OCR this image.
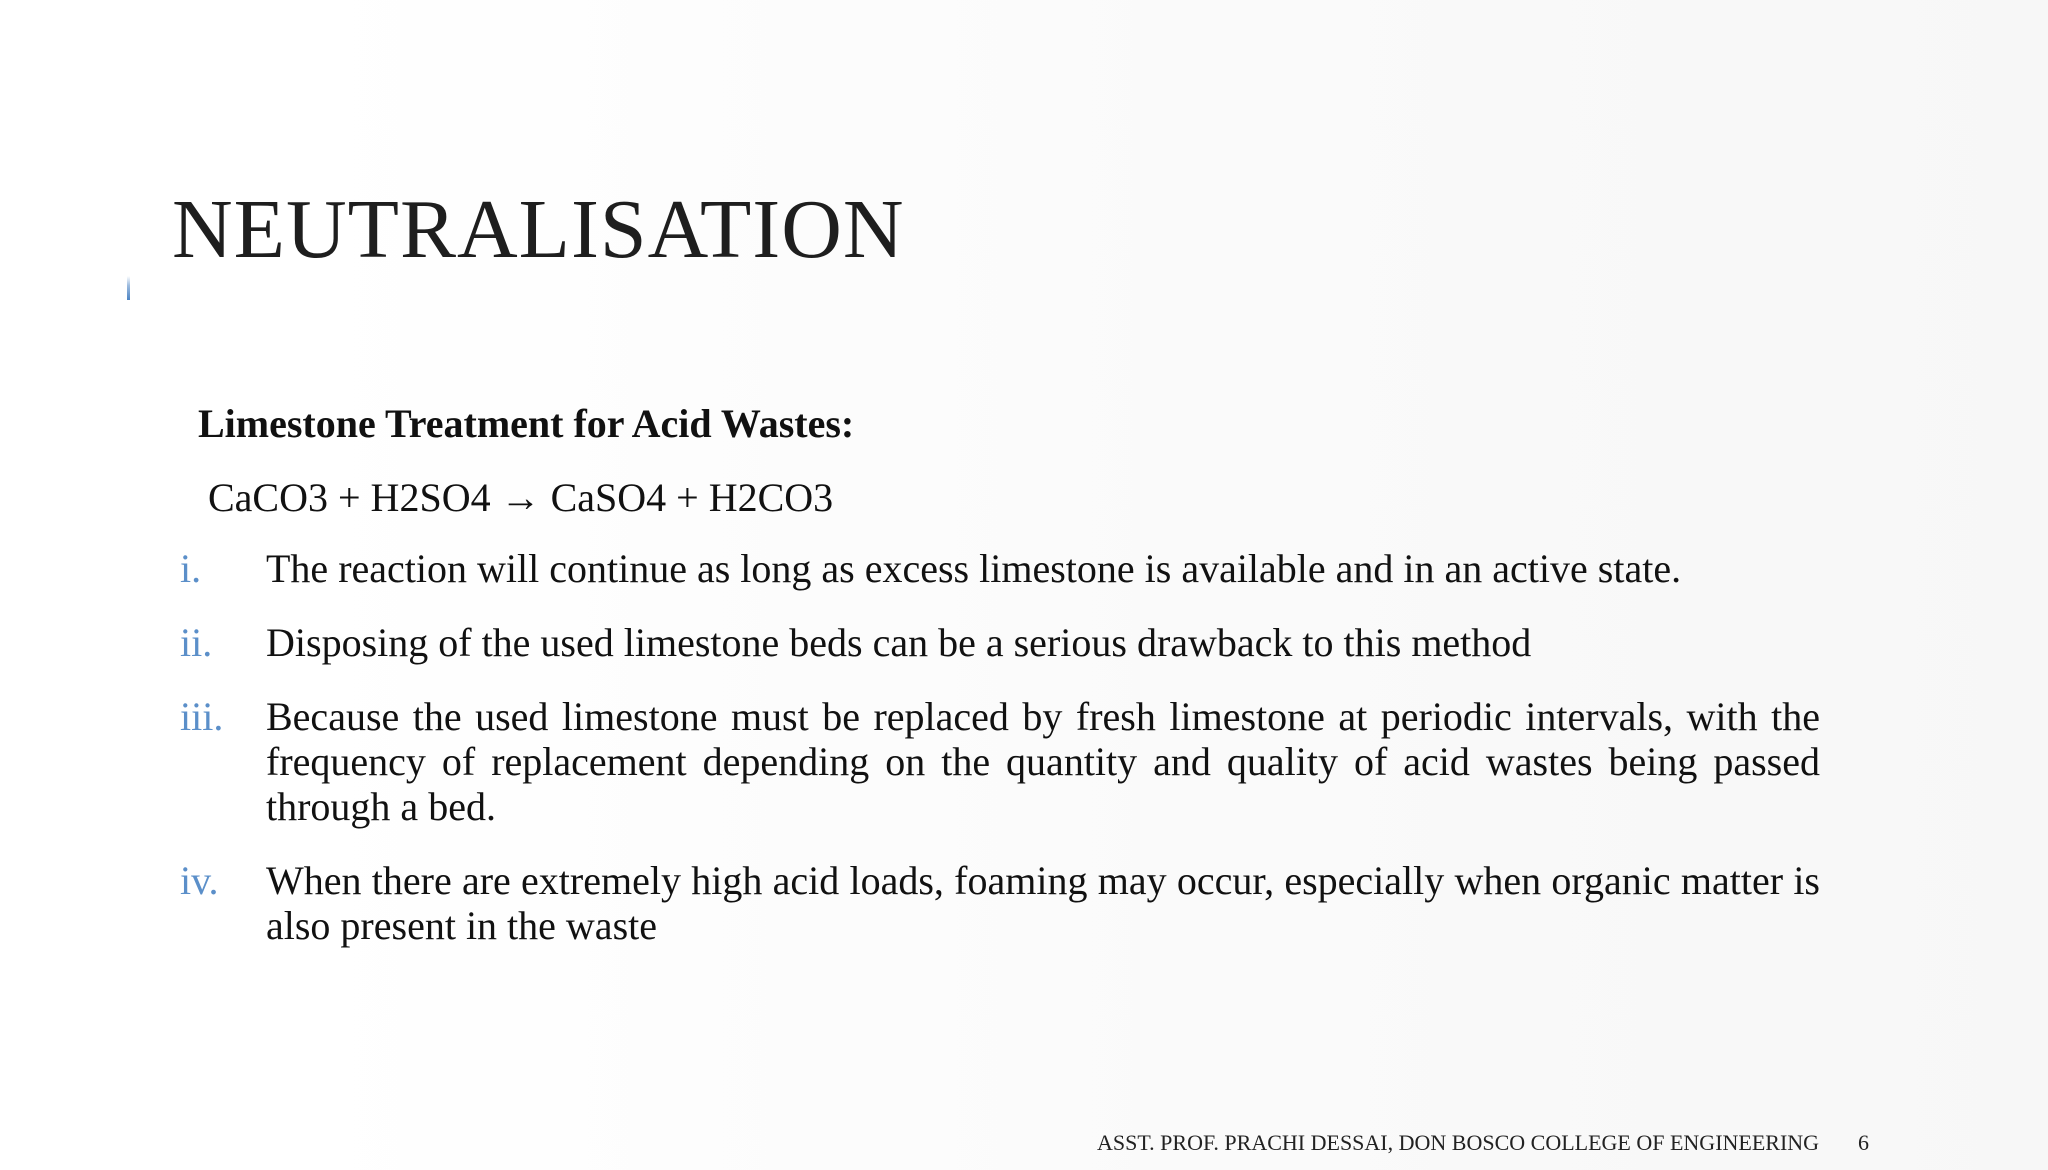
NEUTRALISATION
Limestone Treatment for Acid Wastes:
CaCO3 + H2SO4 → CaSO4 + H2CO3
i.	The reaction will continue as long as excess limestone is available and in an active state.
ii.	Disposing of the used limestone beds can be a serious drawback to this method
iii.	Because the used limestone must be replaced by fresh limestone at periodic intervals, with the frequency of replacement depending on the quantity and quality of acid wastes being passed through a bed.
iv.	When there are extremely high acid loads, foaming may occur, especially when organic matter is also present in the waste
ASST. PROF. PRACHI DESSAI, DON BOSCO COLLEGE OF ENGINEERING 6
